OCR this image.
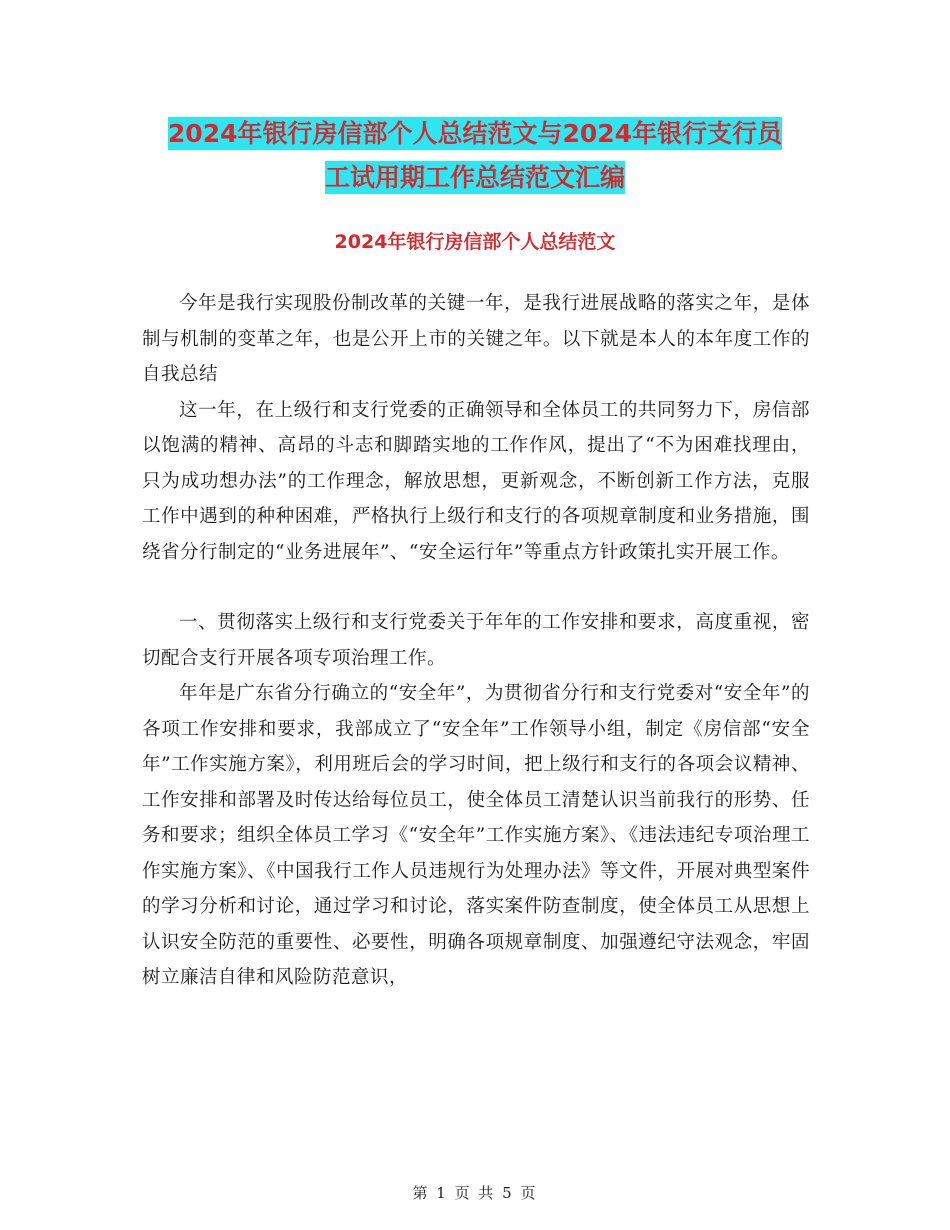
2024年银行房信部个人总结范文与2024年银行支行员
工试用期工作总结范文汇编
2024年银行房信部个人总结范文

今年是我行实现股份制改革的关键一年，是我行进展战略的落实之年，是体制与机制的变革之年，也是公开上市的关键之年。以下就是本人的本年度工作的自我总结

这一年，在上级行和支行党委的正确领导和全体员工的共同努力下，房信部以饱满的精神、高昂的斗志和脚踏实地的工作作风，提出了“不为困难找理由，只为成功想办法”的工作理念，解放思想，更新观念，不断创新工作方法，克服工作中遇到的种种困难，严格执行上级行和支行的各项规章制度和业务措施，围绕省分行制定的“业务进展年”、“安全运行年”等重点方针政策扎实开展工作。

一、贯彻落实上级行和支行党委关于年年的工作安排和要求，高度重视，密切配合支行开展各项专项治理工作。

年年是广东省分行确立的“安全年”，为贯彻省分行和支行党委对“安全年”的各项工作安排和要求，我部成立了“安全年”工作领导小组，制定《房信部“安全年”工作实施方案》，利用班后会的学习时间，把上级行和支行的各项会议精神、工作安排和部署及时传达给每位员工，使全体员工清楚认识当前我行的形势、任务和要求；组织全体员工学习《“安全年”工作实施方案》、《违法违纪专项治理工作实施方案》、《中国我行工作人员违规行为处理办法》等文件，开展对典型案件的学习分析和讨论，通过学习和讨论，落实案件防查制度，使全体员工从思想上认识安全防范的重要性、必要性，明确各项规章制度、加强遵纪守法观念，牢固树立廉洁自律和风险防范意识，

第 1 页 共 5 页
